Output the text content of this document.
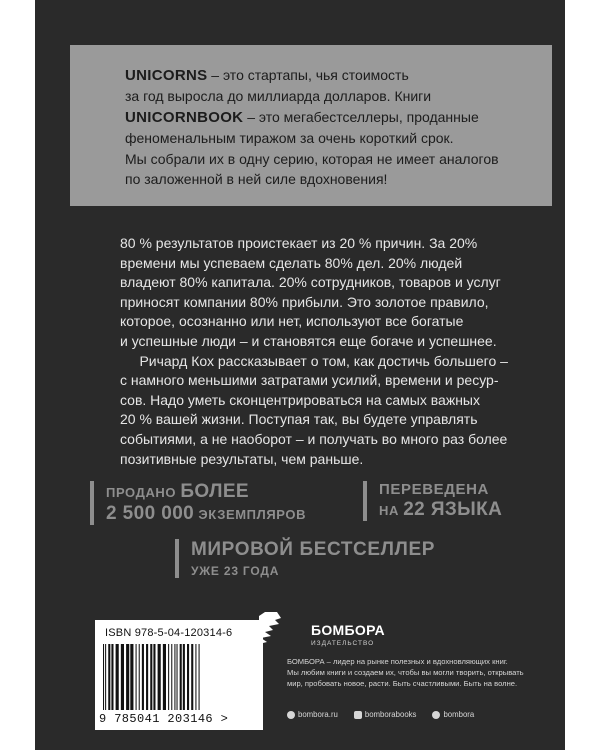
UNICORNS – это стартапы, чья стоимость
за год выросла до миллиарда долларов. Книги
UNICORNBOOK – это мегабестселлеры, проданные
феноменальным тиражом за очень короткий срок.
Мы собрали их в одну серию, которая не имеет аналогов
по заложенной в ней силе вдохновения!
80 % результатов проистекает из 20 % причин. За 20%
времени мы успеваем сделать 80% дел. 20% людей
владеют 80% капитала. 20% сотрудников, товаров и услуг
приносят компании 80% прибыли. Это золотое правило,
которое, осознанно или нет, используют все богатые
и успешные люди – и становятся еще богаче и успешнее.
Ричард Кох рассказывает о том, как достичь большего –
с намного меньшими затратами усилий, времени и ресур-
сов. Надо уметь сконцентрироваться на самых важных
20 % вашей жизни. Поступая так, вы будете управлять
событиями, а не наоборот – и получать во много раз более
позитивные результаты, чем раньше.
ПРОДАНО БОЛЕЕ
2 500 000 ЭКЗЕМПЛЯРОВ
ПЕРЕВЕДЕНА
НА 22 ЯЗЫКА
МИРОВОЙ БЕСТСЕЛЛЕР
УЖЕ 23 ГОДА
ISBN 978-5-04-120314-6
9 785041 203146 >
БОМБОРА
ИЗДАТЕЛЬСТВО
БОМБОРА – лидер на рынке полезных и вдохновляющих книг.
Мы любим книги и создаем их, чтобы вы могли творить, открывать
мир, пробовать новое, расти. Быть счастливыми. Быть на волне.
bombora.ru	bomborabooks	bombora
